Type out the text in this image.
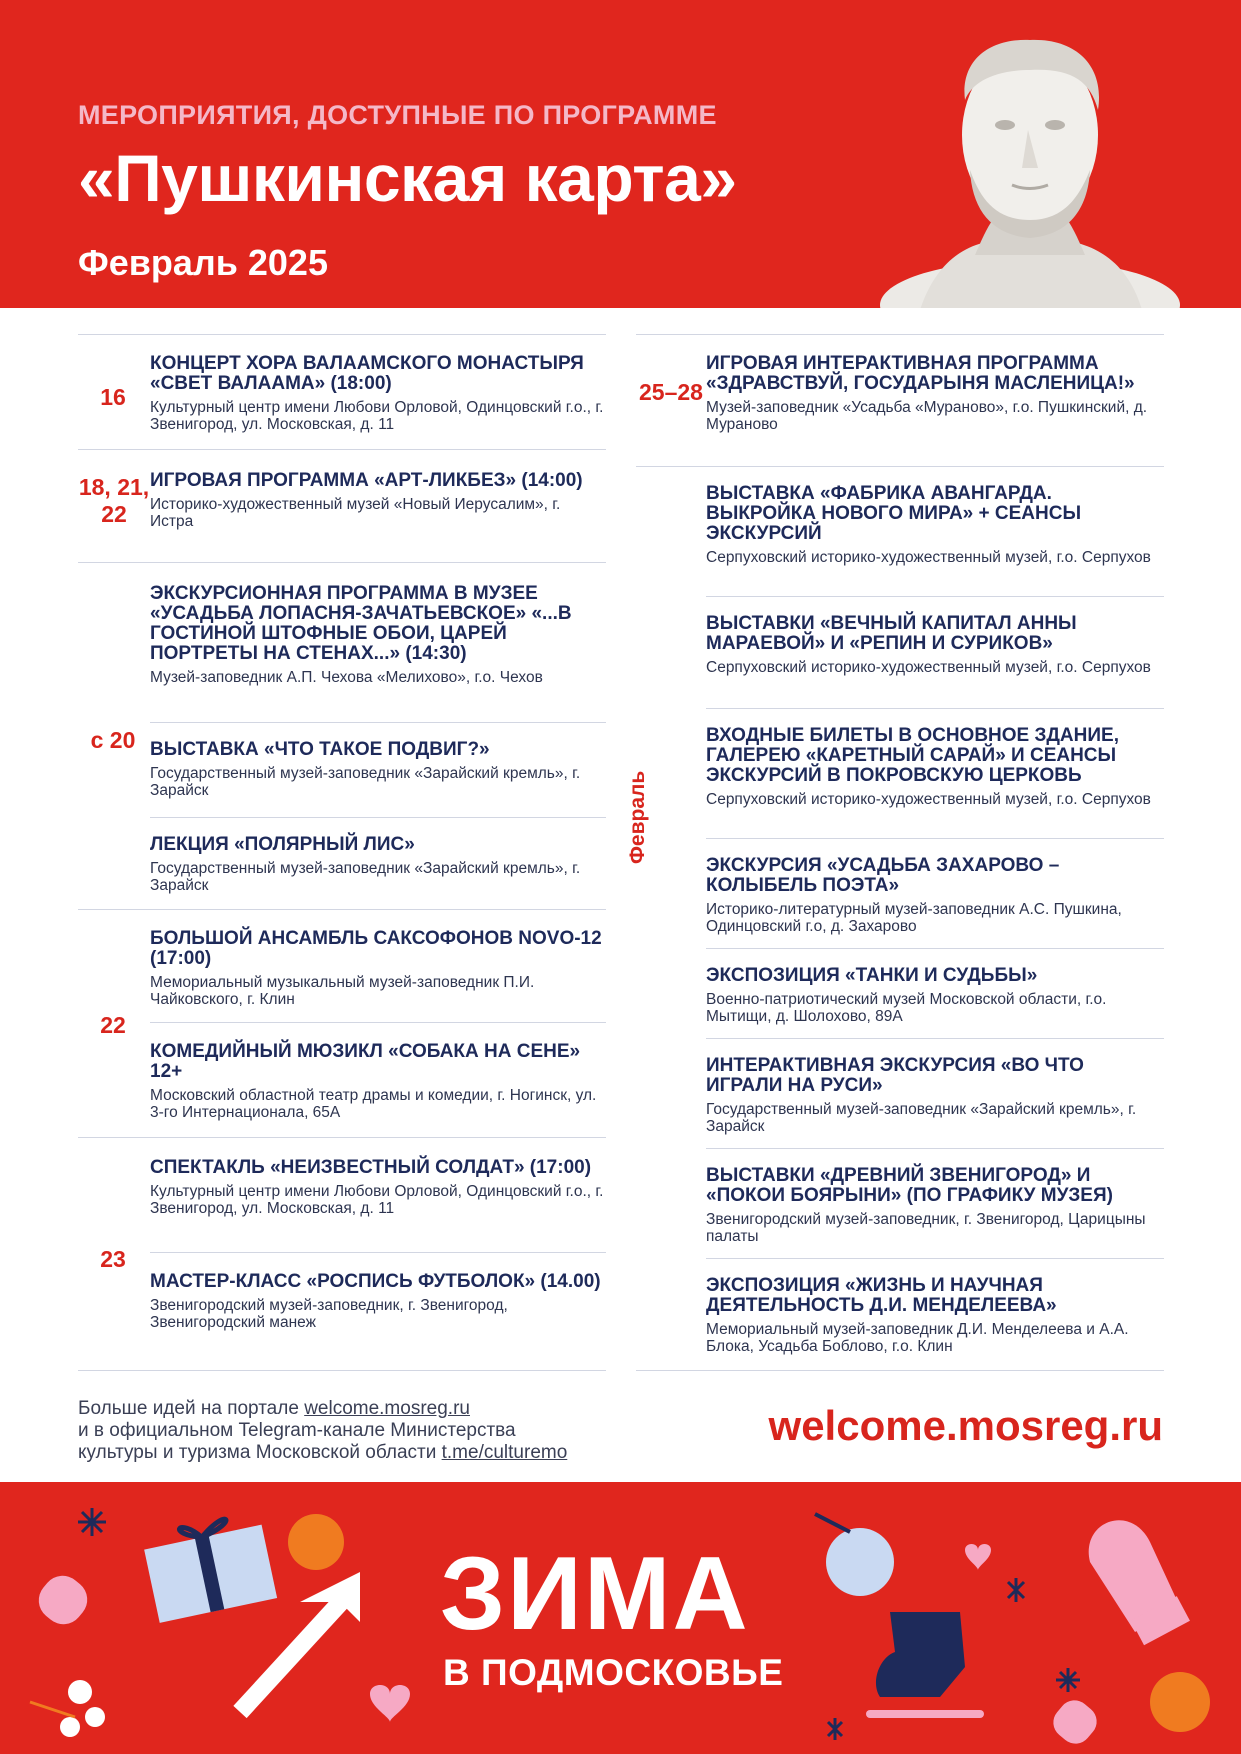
МЕРОПРИЯТИЯ, ДОСТУПНЫЕ ПО ПРОГРАММЕ
«Пушкинская карта»
Февраль 2025
16
КОНЦЕРТ ХОРА ВАЛААМСКОГО МОНАСТЫРЯ «СВЕТ ВАЛААМА» (18:00)
Культурный центр имени Любови Орловой, Одинцовский г.о., г. Звенигород, ул. Московская, д. 11
18, 21, 22
ИГРОВАЯ ПРОГРАММА «АРТ-ЛИКБЕЗ» (14:00)
Историко-художественный музей «Новый Иерусалим», г. Истра
с 20
ЭКСКУРСИОННАЯ ПРОГРАММА В МУЗЕЕ «УСАДЬБА ЛОПАСНЯ-ЗАЧАТЬЕВСКОЕ» «...В ГОСТИНОЙ ШТОФНЫЕ ОБОИ, ЦАРЕЙ ПОРТРЕТЫ НА СТЕНАХ...» (14:30)
Музей-заповедник А.П. Чехова «Мелихово», г.о. Чехов
ВЫСТАВКА «ЧТО ТАКОЕ ПОДВИГ?»
Государственный музей-заповедник «Зарайский кремль», г. Зарайск
ЛЕКЦИЯ «ПОЛЯРНЫЙ ЛИС»
Государственный музей-заповедник «Зарайский кремль», г. Зарайск
22
БОЛЬШОЙ АНСАМБЛЬ САКСОФОНОВ NOVO-12 (17:00)
Мемориальный музыкальный музей-заповедник П.И. Чайковского, г. Клин
КОМЕДИЙНЫЙ МЮЗИКЛ «СОБАКА НА СЕНЕ» 12+
Московский областной театр драмы и комедии, г. Ногинск, ул. 3-го Интернационала, 65А
23
СПЕКТАКЛЬ «НЕИЗВЕСТНЫЙ СОЛДАТ» (17:00)
Культурный центр имени Любови Орловой, Одинцовский г.о., г. Звенигород, ул. Московская, д. 11
МАСТЕР-КЛАСС «РОСПИСЬ ФУТБОЛОК» (14.00)
Звенигородский музей-заповедник, г. Звенигород, Звенигородский манеж
25–28
ИГРОВАЯ ИНТЕРАКТИВНАЯ ПРОГРАММА «ЗДРАВСТВУЙ, ГОСУДАРЫНЯ МАСЛЕНИЦА!»
Музей-заповедник «Усадьба «Мураново», г.о. Пушкинский, д. Мураново
Февраль
ВЫСТАВКА «ФАБРИКА АВАНГАРДА. ВЫКРОЙКА НОВОГО МИРА» + СЕАНСЫ ЭКСКУРСИЙ
Серпуховский историко-художественный музей, г.о. Серпухов
ВЫСТАВКИ «ВЕЧНЫЙ КАПИТАЛ АННЫ МАРАЕВОЙ» И «РЕПИН И СУРИКОВ»
Серпуховский историко-художественный музей, г.о. Серпухов
ВХОДНЫЕ БИЛЕТЫ В ОСНОВНОЕ ЗДАНИЕ, ГАЛЕРЕЮ «КАРЕТНЫЙ САРАЙ» И СЕАНСЫ ЭКСКУРСИЙ В ПОКРОВСКУЮ ЦЕРКОВЬ
Серпуховский историко-художественный музей, г.о. Серпухов
ЭКСКУРСИЯ «УСАДЬБА ЗАХАРОВО – КОЛЫБЕЛЬ ПОЭТА»
Историко-литературный музей-заповедник А.С. Пушкина, Одинцовский г.о, д. Захарово
ЭКСПОЗИЦИЯ «ТАНКИ И СУДЬБЫ»
Военно-патриотический музей Московской области, г.о. Мытищи, д. Шолохово, 89А
ИНТЕРАКТИВНАЯ ЭКСКУРСИЯ «ВО ЧТО ИГРАЛИ НА РУСИ»
Государственный музей-заповедник «Зарайский кремль», г. Зарайск
ВЫСТАВКИ «ДРЕВНИЙ ЗВЕНИГОРОД» И «ПОКОИ БОЯРЫНИ» (ПО ГРАФИКУ МУЗЕЯ)
Звенигородский музей-заповедник, г. Звенигород, Царицыны палаты
ЭКСПОЗИЦИЯ «ЖИЗНЬ И НАУЧНАЯ ДЕЯТЕЛЬНОСТЬ Д.И. МЕНДЕЛЕЕВА»
Мемориальный музей-заповедник Д.И. Менделеева и А.А. Блока, Усадьба Боблово, г.о. Клин
Больше идей на портале welcome.mosreg.ru
и в официальном Telegram-канале Министерства
культуры и туризма Московской области t.me/culturemo
welcome.mosreg.ru
ЗИМА
В ПОДМОСКОВЬЕ
